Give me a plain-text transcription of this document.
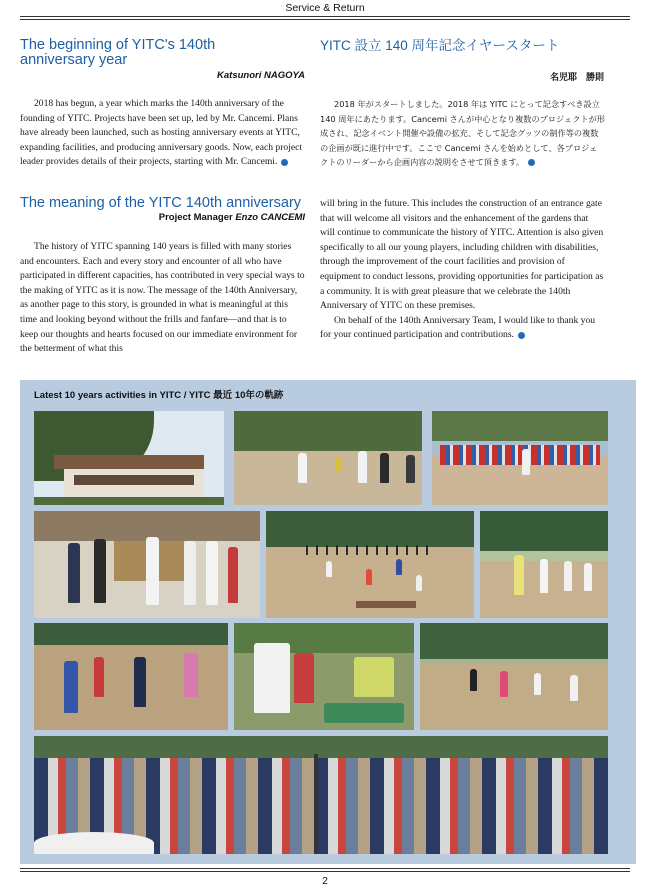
Service & Return
The beginning of YITC's 140th anniversary year
Katsunori NAGOYA

2018 has begun, a year which marks the 140th anniversary of the founding of YITC. Projects have been set up, led by Mr. Cancemi. Plans have already been launched, such as hosting anniversary events at YITC, expanding facilities, and producing anniversary goods. Now, each project leader provides details of their projects, starting with Mr. Cancemi.

YITC 設立 140 周年記念イヤースタート
名児耶　勝則

2018 年がスタートしました。2018 年は YITC にとって記念すべき設立 140 周年にあたります。Cancemi さんが中心となり複数のプロジェクトが形成され、記念イベント開催や設備の拡充、そして記念グッツの制作等の複数の企画が既に進行中です。ここで Cancemi さんを始めとして、各プロジェクトのリーダーから企画内容の説明をさせて頂きます。

The meaning of the YITC 140th anniversary
Project Manager Enzo CANCEMI

The history of YITC spanning 140 years is filled with many stories and encounters. Each and every story and encounter of all who have participated in different capacities, has contributed in very special ways to the making of YITC as it is now. The message of the 140th Anniversary, as another page to this story, is grounded in what is meaningful at this time and looking beyond without the frills and fanfare—and that is to keep our thoughts and hearts focused on our immediate environment for the betterment of what this

will bring in the future. This includes the construction of an entrance gate that will welcome all visitors and the enhancement of the gardens that will continue to communicate the history of YITC. Attention is also given specifically to all our young players, including children with disabilities, through the improvement of the court facilities and provision of equipment to conduct lessons, providing opportunities for participation as a community. It is with great pleasure that we celebrate the 140th Anniversary of YITC on these premises.

On behalf of the 140th Anniversary Team, I would like to thank you for your continued participation and contributions.

Latest 10 years activities in YITC / YITC 最近 10年の軌跡
2
